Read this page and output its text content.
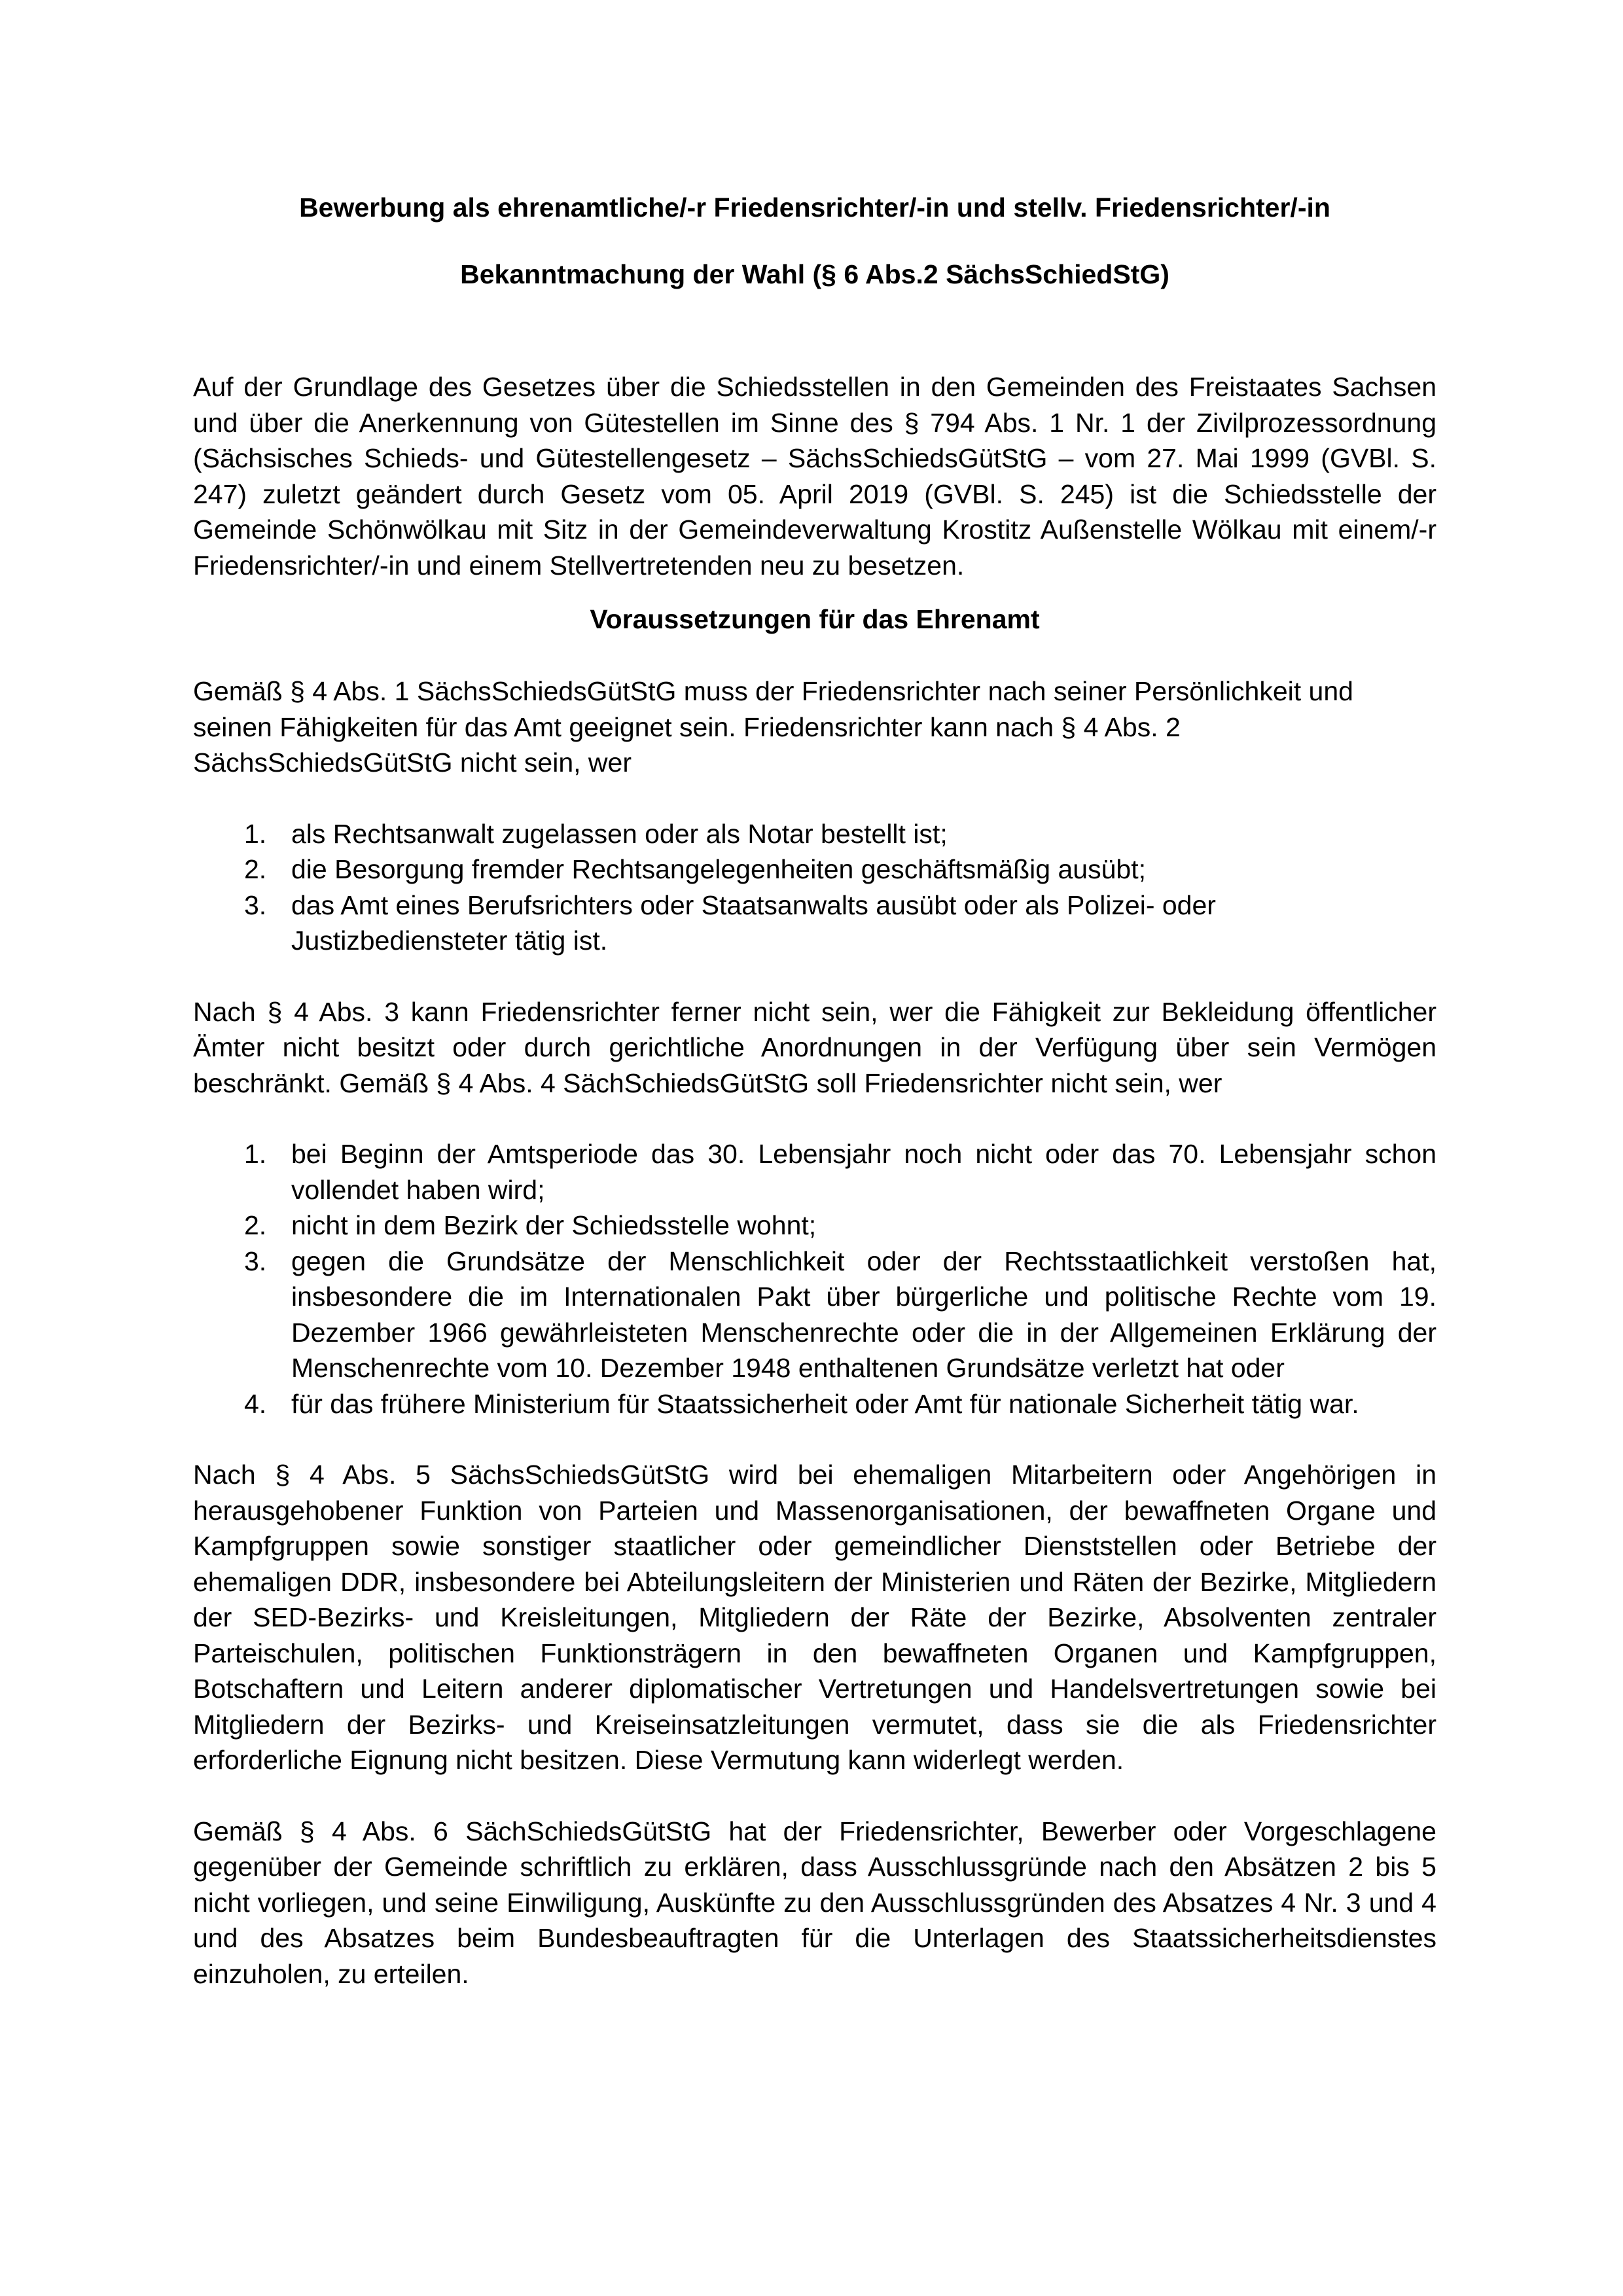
Bewerbung als ehrenamtliche/-r Friedensrichter/-in und stellv. Friedensrichter/-in
Bekanntmachung der Wahl (§ 6 Abs.2 SächsSchiedStG)

Auf der Grundlage des Gesetzes über die Schiedsstellen in den Gemeinden des Freistaates Sachsen und über die Anerkennung von Gütestellen im Sinne des § 794 Abs. 1 Nr. 1 der Zivilprozessordnung (Sächsisches Schieds- und Gütestellengesetz – SächsSchiedsGütStG – vom 27. Mai 1999 (GVBl. S. 247) zuletzt geändert durch Gesetz vom 05. April 2019 (GVBl. S. 245) ist die Schiedsstelle der Gemeinde Schönwölkau mit Sitz in der Gemeindeverwaltung Krostitz Außenstelle Wölkau mit einem/-r Friedensrichter/-in und einem Stellvertretenden neu zu besetzen.

Voraussetzungen für das Ehrenamt

Gemäß § 4 Abs. 1 SächsSchiedsGütStG muss der Friedensrichter nach seiner Persönlichkeit und seinen Fähigkeiten für das Amt geeignet sein. Friedensrichter kann nach § 4 Abs. 2 SächsSchiedsGütStG nicht sein, wer

1. als Rechtsanwalt zugelassen oder als Notar bestellt ist;
2. die Besorgung fremder Rechtsangelegenheiten geschäftsmäßig ausübt;
3. das Amt eines Berufsrichters oder Staatsanwalts ausübt oder als Polizei- oder Justizbediensteter tätig ist.

Nach § 4 Abs. 3 kann Friedensrichter ferner nicht sein, wer die Fähigkeit zur Bekleidung öffentlicher Ämter nicht besitzt oder durch gerichtliche Anordnungen in der Verfügung über sein Vermögen beschränkt. Gemäß § 4 Abs. 4 SächSchiedsGütStG soll Friedensrichter nicht sein, wer

1. bei Beginn der Amtsperiode das 30. Lebensjahr noch nicht oder das 70. Lebensjahr schon vollendet haben wird;
2. nicht in dem Bezirk der Schiedsstelle wohnt;
3. gegen die Grundsätze der Menschlichkeit oder der Rechtsstaatlichkeit verstoßen hat, insbesondere die im Internationalen Pakt über bürgerliche und politische Rechte vom 19. Dezember 1966 gewährleisteten Menschenrechte oder die in der Allgemeinen Erklärung der Menschenrechte vom 10. Dezember 1948 enthaltenen Grundsätze verletzt hat oder
4. für das frühere Ministerium für Staatssicherheit oder Amt für nationale Sicherheit tätig war.

Nach § 4 Abs. 5 SächsSchiedsGütStG wird bei ehemaligen Mitarbeitern oder Angehörigen in herausgehobener Funktion von Parteien und Massenorganisationen, der bewaffneten Organe und Kampfgruppen sowie sonstiger staatlicher oder gemeindlicher Dienststellen oder Betriebe der ehemaligen DDR, insbesondere bei Abteilungsleitern der Ministerien und Räten der Bezirke, Mitgliedern der SED-Bezirks- und Kreisleitungen, Mitgliedern der Räte der Bezirke, Absolventen zentraler Parteischulen, politischen Funktionsträgern in den bewaffneten Organen und Kampfgruppen, Botschaftern und Leitern anderer diplomatischer Vertretungen und Handelsvertretungen sowie bei Mitgliedern der Bezirks- und Kreiseinsatzleitungen vermutet, dass sie die als Friedensrichter erforderliche Eignung nicht besitzen. Diese Vermutung kann widerlegt werden.

Gemäß § 4 Abs. 6 SächSchiedsGütStG hat der Friedensrichter, Bewerber oder Vorgeschlagene gegenüber der Gemeinde schriftlich zu erklären, dass Ausschlussgründe nach den Absätzen 2 bis 5 nicht vorliegen, und seine Einwiligung, Auskünfte zu den Ausschlussgründen des Absatzes 4 Nr. 3 und 4 und des Absatzes beim Bundesbeauftragten für die Unterlagen des Staatssicherheitsdienstes einzuholen, zu erteilen.
